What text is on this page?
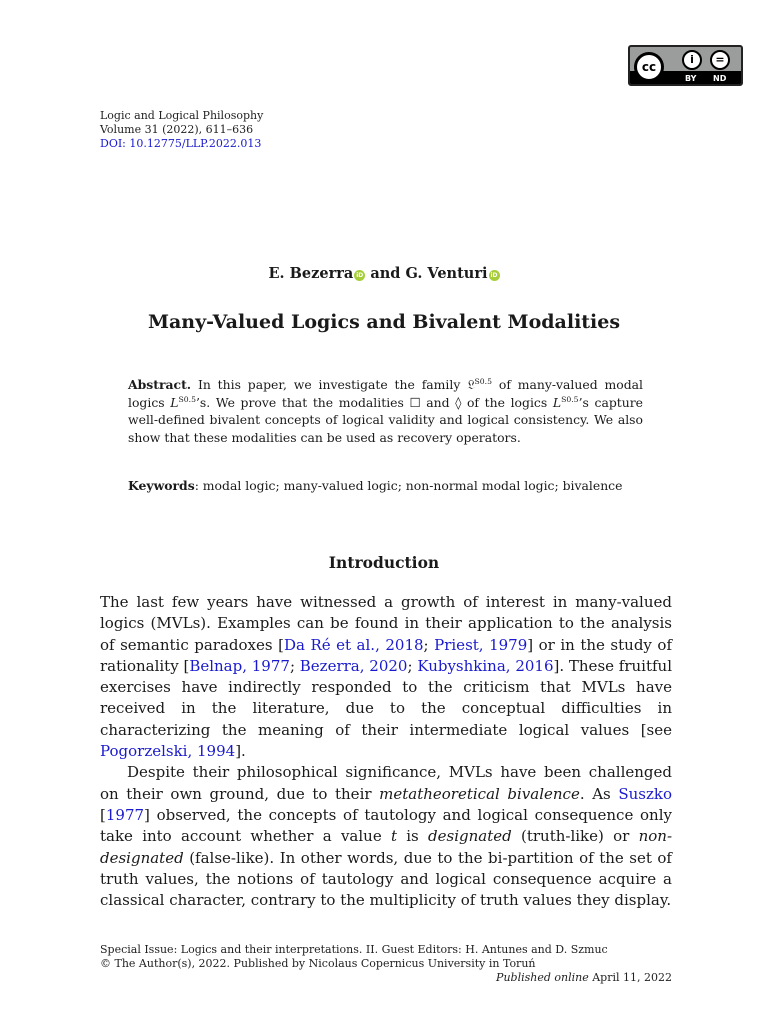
cc
i	=
BY ND
Logic and Logical Philosophy
Volume 31 (2022), 611–636
DOI: 10.12775/LLP.2022.013
E. Bezerra iD and G. Venturi iD
Many-Valued Logics and Bivalent Modalities
Abstract. In this paper, we investigate the family 𝔏$^{S0.5}$ of many-valued modal logics $L^{S0.5}’s$. We prove that the modalities ☐ and ◊ of the logics $L^{S0.5}’s$ capture well-defined bivalent concepts of logical validity and logical consistency. We also show that these modalities can be used as recovery operators.
Keywords: modal logic; many-valued logic; non-normal modal logic; bivalence
Introduction

The last few years have witnessed a growth of interest in many-valued logics (MVLs). Examples can be found in their application to the analysis of semantic paradoxes [Da Ré et al., 2018; Priest, 1979] or in the study of rationality [Belnap, 1977; Bezerra, 2020; Kubyshkina, 2016]. These fruitful exercises have indirectly responded to the criticism that MVLs have received in the literature, due to the conceptual difficulties in characterizing the meaning of their intermediate logical values [see Pogorzelski, 1994].

Despite their philosophical significance, MVLs have been challenged on their own ground, due to their metatheoretical bivalence. As Suszko [1977] observed, the concepts of tautology and logical consequence only take into account whether a value t is designated (truth-like) or non-designated (false-like). In other words, due to the bi-partition of the set of truth values, the notions of tautology and logical consequence acquire a classical character, contrary to the multiplicity of truth values they display.

Special Issue: Logics and their interpretations. II. Guest Editors: H. Antunes and D. Szmuc
© The Author(s), 2022. Published by Nicolaus Copernicus University in Toruń
Published online April 11, 2022
